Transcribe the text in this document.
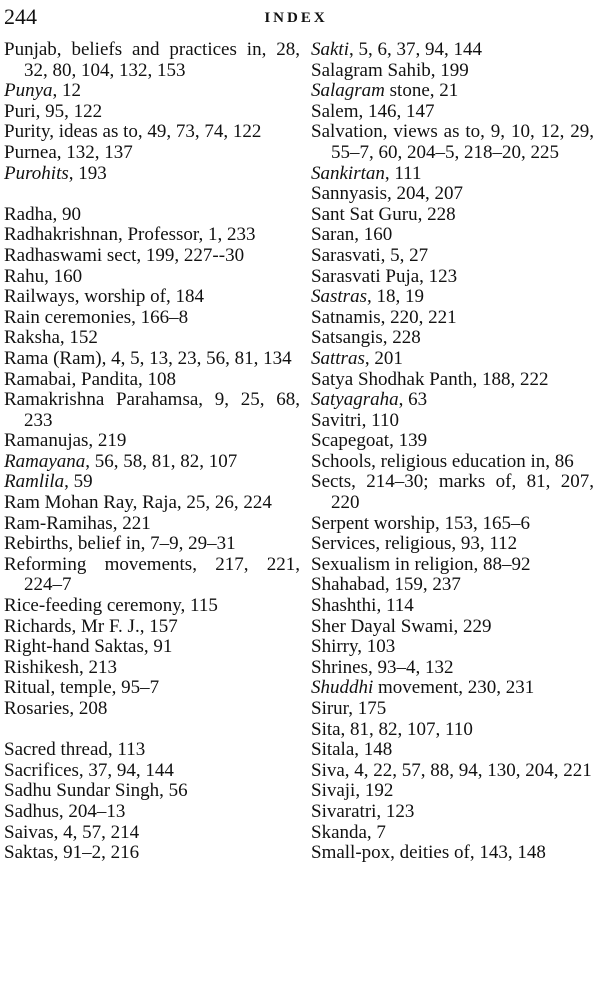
244	INDEX
Punjab, beliefs and practices in, 28, 32, 80, 104, 132, 153
Punya, 12
Puri, 95, 122
Purity, ideas as to, 49, 73, 74, 122
Purnea, 132, 137
Purohits, 193
Radha, 90
Radhakrishnan, Professor, 1, 233
Radhaswami sect, 199, 227--30
Rahu, 160
Railways, worship of, 184
Rain ceremonies, 166–8
Raksha, 152
Rama (Ram), 4, 5, 13, 23, 56, 81, 134
Ramabai, Pandita, 108
Ramakrishna Parahamsa, 9, 25, 68, 233
Ramanujas, 219
Ramayana, 56, 58, 81, 82, 107
Ramlila, 59
Ram Mohan Ray, Raja, 25, 26, 224
Ram-Ramihas, 221
Rebirths, belief in, 7–9, 29–31
Reforming movements, 217, 221, 224–7
Rice-feeding ceremony, 115
Richards, Mr F. J., 157
Right-hand Saktas, 91
Rishikesh, 213
Ritual, temple, 95–7
Rosaries, 208
Sacred thread, 113
Sacrifices, 37, 94, 144
Sadhu Sundar Singh, 56
Sadhus, 204–13
Saivas, 4, 57, 214
Saktas, 91–2, 216
Sakti, 5, 6, 37, 94, 144
Salagram Sahib, 199
Salagram stone, 21
Salem, 146, 147
Salvation, views as to, 9, 10, 12, 29, 55–7, 60, 204–5, 218–20, 225
Sankirtan, 111
Sannyasis, 204, 207
Sant Sat Guru, 228
Saran, 160
Sarasvati, 5, 27
Sarasvati Puja, 123
Sastras, 18, 19
Satnamis, 220, 221
Satsangis, 228
Sattras, 201
Satya Shodhak Panth, 188, 222
Satyagraha, 63
Savitri, 110
Scapegoat, 139
Schools, religious education in, 86
Sects, 214–30; marks of, 81, 207, 220
Serpent worship, 153, 165–6
Services, religious, 93, 112
Sexualism in religion, 88–92
Shahabad, 159, 237
Shashthi, 114
Sher Dayal Swami, 229
Shirry, 103
Shrines, 93–4, 132
Shuddhi movement, 230, 231
Sirur, 175
Sita, 81, 82, 107, 110
Sitala, 148
Siva, 4, 22, 57, 88, 94, 130, 204, 221
Sivaji, 192
Sivaratri, 123
Skanda, 7
Small-pox, deities of, 143, 148
